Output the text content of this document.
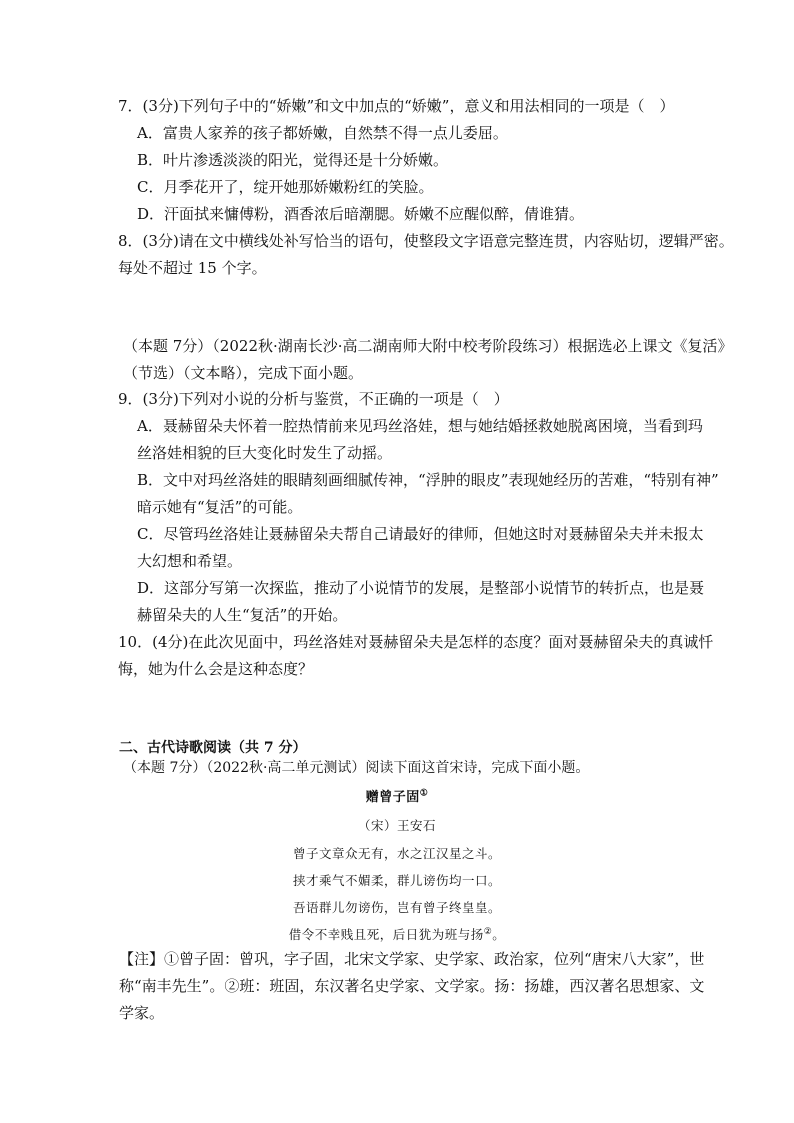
7．(3分)下列句子中的“娇嫩”和文中加点的“娇嫩”，意义和用法相同的一项是（　）
A．富贵人家养的孩子都娇嫩，自然禁不得一点儿委屈。
B．叶片渗透淡淡的阳光，觉得还是十分娇嫩。
C．月季花开了，绽开她那娇嫩粉红的笑脸。
D．汗面拭来慵傅粉，酒香浓后暗潮腮。娇嫩不应醒似醉，倩谁猜。
8．(3分)请在文中横线处补写恰当的语句，使整段文字语意完整连贯，内容贴切，逻辑严密。
每处不超过 15 个字。
（本题 7分）（2022秋·湖南长沙·高二湖南师大附中校考阶段练习）根据选必上课文《复活》
（节选）（文本略），完成下面小题。
9．(3分)下列对小说的分析与鉴赏，不正确的一项是（　）
A．聂赫留朵夫怀着一腔热情前来见玛丝洛娃，想与她结婚拯救她脱离困境，当看到玛
丝洛娃相貌的巨大变化时发生了动摇。
B．文中对玛丝洛娃的眼睛刻画细腻传神，“浮肿的眼皮”表现她经历的苦难，“特别有神”
暗示她有“复活”的可能。
C．尽管玛丝洛娃让聂赫留朵夫帮自己请最好的律师，但她这时对聂赫留朵夫并未报太
大幻想和希望。
D．这部分写第一次探监，推动了小说情节的发展，是整部小说情节的转折点，也是聂
赫留朵夫的人生“复活”的开始。
10．(4分)在此次见面中，玛丝洛娃对聂赫留朵夫是怎样的态度？面对聂赫留朵夫的真诚忏
悔，她为什么会是这种态度？
二、古代诗歌阅读（共 7 分）
（本题 7分）（2022秋·高二单元测试）阅读下面这首宋诗，完成下面小题。
赠曾子固①
（宋）王安石
曾子文章众无有，水之江汉星之斗。
挟才乘气不媚柔，群儿谤伤均一口。
吾语群儿勿谤伤，岂有曾子终皇皇。
借令不幸贱且死，后日犹为班与扬②。
【注】①曾子固：曾巩，字子固，北宋文学家、史学家、政治家，位列“唐宋八大家”，世
称“南丰先生”。②班：班固，东汉著名史学家、文学家。扬：扬雄，西汉著名思想家、文
学家。
